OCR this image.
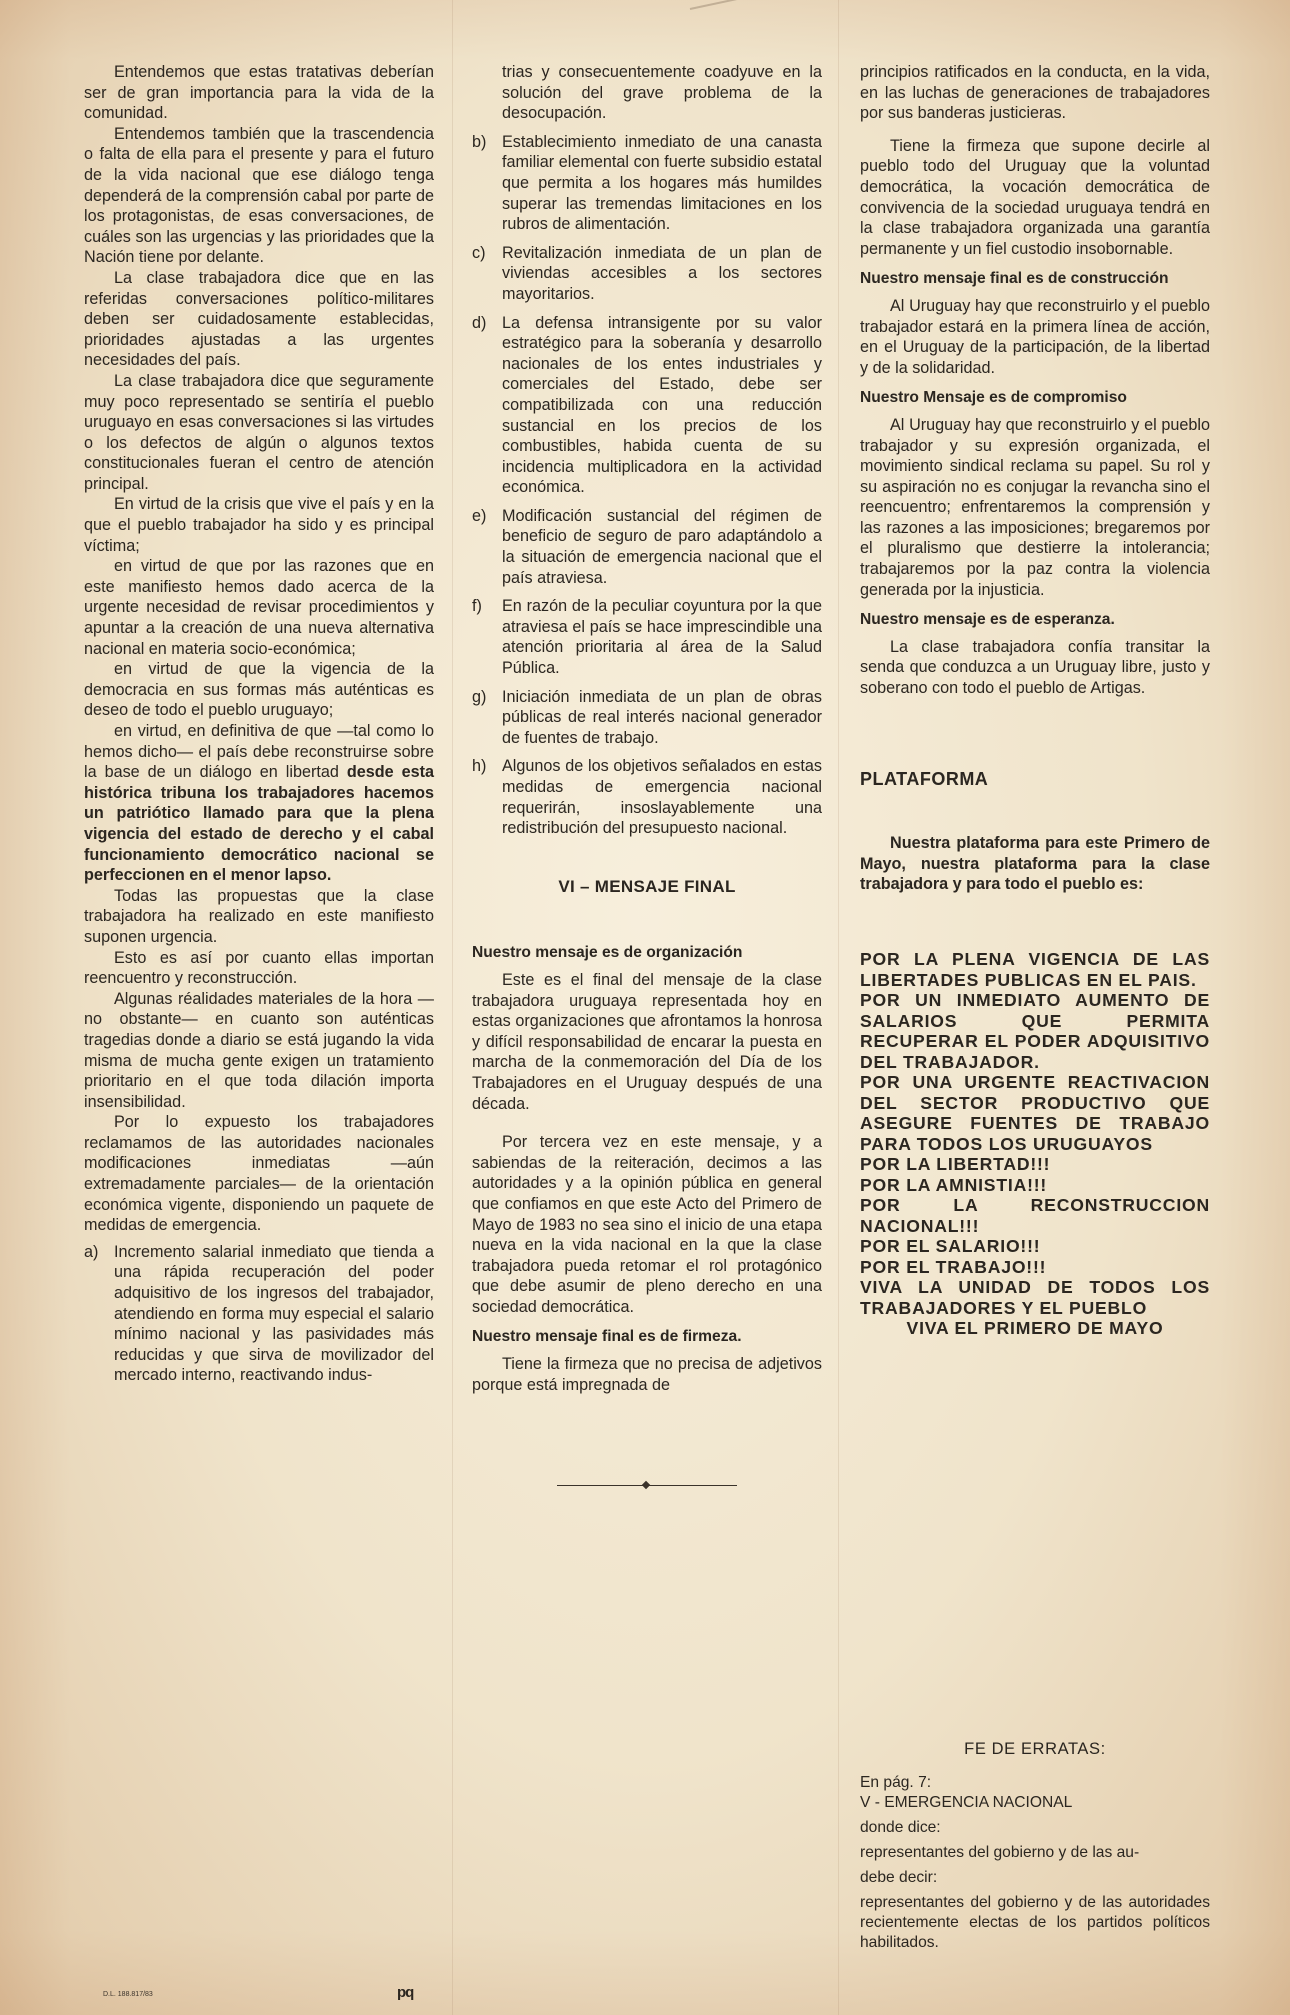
Entendemos que estas tratativas deberían ser de gran importancia para la vida de la comunidad.

Entendemos también que la trascendencia o falta de ella para el presente y para el futuro de la vida nacional que ese diálogo tenga dependerá de la comprensión cabal por parte de los protagonistas, de esas conversaciones, de cuáles son las urgencias y las prioridades que la Nación tiene por delante.

La clase trabajadora dice que en las referidas conversaciones político-militares deben ser cuidadosamente establecidas, prioridades ajustadas a las urgentes necesidades del país.

La clase trabajadora dice que seguramente muy poco representado se sentiría el pueblo uruguayo en esas conversaciones si las virtudes o los defectos de algún o algunos textos constitucionales fueran el centro de atención principal.

En virtud de la crisis que vive el país y en la que el pueblo trabajador ha sido y es principal víctima;

en virtud de que por las razones que en este manifiesto hemos dado acerca de la urgente necesidad de revisar procedimientos y apuntar a la creación de una nueva alternativa nacional en materia socio-económica;

en virtud de que la vigencia de la democracia en sus formas más auténticas es deseo de todo el pueblo uruguayo;

en virtud, en definitiva de que —tal como lo hemos dicho— el país debe reconstruirse sobre la base de un diálogo en libertad desde esta histórica tribuna los trabajadores hacemos un patriótico llamado para que la plena vigencia del estado de derecho y el cabal funcionamiento democrático nacional se perfeccionen en el menor lapso.

Todas las propuestas que la clase trabajadora ha realizado en este manifiesto suponen urgencia.

Esto es así por cuanto ellas importan reencuentro y reconstrucción.

Algunas réalidades materiales de la hora —no obstante— en cuanto son auténticas tragedias donde a diario se está jugando la vida misma de mucha gente exigen un tratamiento prioritario en el que toda dilación importa insensibilidad.

Por lo expuesto los trabajadores reclamamos de las autoridades nacionales modificaciones inmediatas —aún extremadamente parciales— de la orientación económica vigente, disponiendo un paquete de medidas de emergencia.

a) Incremento salarial inmediato que tienda a una rápida recuperación del poder adquisitivo de los ingresos del trabajador, atendiendo en forma muy especial el salario mínimo nacional y las pasividades más reducidas y que sirva de movilizador del mercado interno, reactivando indus-

trias y consecuentemente coadyuve en la solución del grave problema de la desocupación.

b) Establecimiento inmediato de una canasta familiar elemental con fuerte subsidio estatal que permita a los hogares más humildes superar las tremendas limitaciones en los rubros de alimentación.
c)	Revitalización inmediata de un plan de viviendas accesibles a los sectores mayoritarios.
d) La defensa intransigente por su valor estratégico para la soberanía y desarrollo nacionales de los entes industriales y comerciales del Estado, debe ser compatibilizada con una reducción sustancial en los precios de los combustibles, habida cuenta de su incidencia multiplicadora en la actividad económica.
e) Modificación sustancial del régimen de beneficio de seguro de paro adaptándolo a la situación de emergencia nacional que el país atraviesa.
f)	En razón de la peculiar coyuntura por la que atraviesa el país se hace imprescindible una atención prioritaria al área de la Salud Pública.
g) Iniciación inmediata de un plan de obras públicas de real interés nacional generador de fuentes de trabajo.
h) Algunos de los objetivos señalados en estas medidas de emergencia nacional requerirán, insoslayablemente una redistribución del presupuesto nacional.
VI – MENSAJE FINAL
Nuestro mensaje es de organización

Este es el final del mensaje de la clase trabajadora uruguaya representada hoy en estas organizaciones que afrontamos la honrosa y difícil responsabilidad de encarar la puesta en marcha de la conmemoración del Día de los Trabajadores en el Uruguay después de una década.

Por tercera vez en este mensaje, y a sabiendas de la reiteración, decimos a las autoridades y a la opinión pública en general que confiamos en que este Acto del Primero de Mayo de 1983 no sea sino el inicio de una etapa nueva en la vida nacional en la que la clase trabajadora pueda retomar el rol protagónico que debe asumir de pleno derecho en una sociedad democrática.

Nuestro mensaje final es de firmeza.

Tiene la firmeza que no precisa de adjetivos porque está impregnada de

principios ratificados en la conducta, en la vida, en las luchas de generaciones de trabajadores por sus banderas justicieras.

Tiene la firmeza que supone decirle al pueblo todo del Uruguay que la voluntad democrática, la vocación democrática de convivencia de la sociedad uruguaya tendrá en la clase trabajadora organizada una garantía permanente y un fiel custodio insobornable.

Nuestro mensaje final es de construcción

Al Uruguay hay que reconstruirlo y el pueblo trabajador estará en la primera línea de acción, en el Uruguay de la participación, de la libertad y de la solidaridad.

Nuestro Mensaje es de compromiso

Al Uruguay hay que reconstruirlo y el pueblo trabajador y su expresión organizada, el movimiento sindical reclama su papel. Su rol y su aspiración no es conjugar la revancha sino el reencuentro; enfrentaremos la comprensión y las razones a las imposiciones; bregaremos por el pluralismo que destierre la intolerancia; trabajaremos por la paz contra la violencia generada por la injusticia.

Nuestro mensaje es de esperanza.

La clase trabajadora confía transitar la senda que conduzca a un Uruguay libre, justo y soberano con todo el pueblo de Artigas.

PLATAFORMA

Nuestra plataforma para este Primero de Mayo, nuestra plataforma para la clase trabajadora y para todo el pueblo es:

POR LA PLENA VIGENCIA DE LAS LIBERTADES PUBLICAS EN EL PAIS.
POR UN INMEDIATO AUMENTO DE SALARIOS QUE PERMITA RECUPERAR EL PODER ADQUISITIVO DEL TRABAJADOR.
POR UNA URGENTE REACTIVACION DEL SECTOR PRODUCTIVO QUE ASEGURE FUENTES DE TRABAJO PARA TODOS LOS URUGUAYOS
POR LA LIBERTAD!!!
POR LA AMNISTIA!!!
POR LA RECONSTRUCCION NACIONAL!!!
POR EL SALARIO!!!
POR EL TRABAJO!!!
VIVA LA UNIDAD DE TODOS LOS TRABAJADORES Y EL PUEBLO
VIVA EL PRIMERO DE MAYO
FE DE ERRATAS:
En pág. 7:
V - EMERGENCIA NACIONAL
donde dice:
representantes del gobierno y de las au-
debe decir:
representantes del gobierno y de las autoridades recientemente electas de los partidos políticos habilitados.
D.L. 188.817/83	pq
